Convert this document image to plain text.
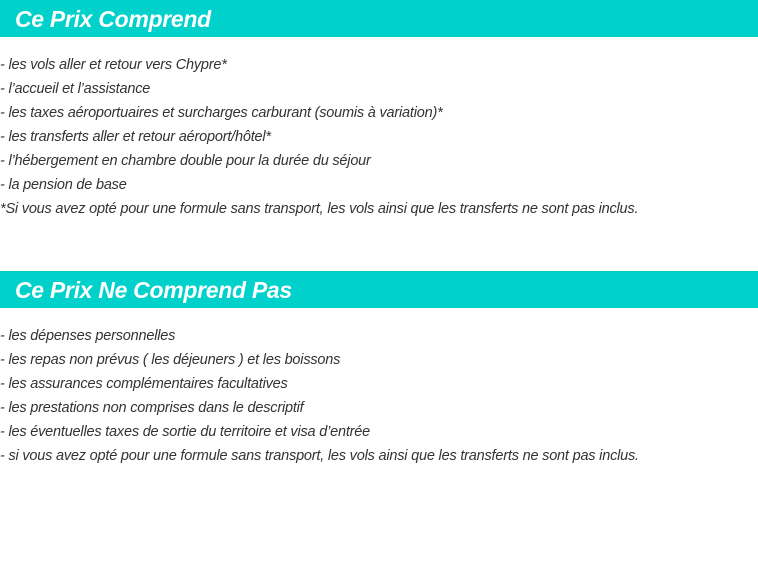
Ce Prix Comprend
- les vols aller et retour vers Chypre*
- l’accueil et l’assistance
- les taxes aéroportuaires et surcharges carburant (soumis à variation)*
- les transferts aller et retour aéroport/hôtel*
- l’hébergement en chambre double pour la durée du séjour
- la pension de base
*Si vous avez opté pour une formule sans transport, les vols ainsi que les transferts ne sont pas inclus.
Ce Prix Ne Comprend Pas
- les dépenses personnelles
- les repas non prévus ( les déjeuners ) et les boissons
- les assurances complémentaires facultatives
- les prestations non comprises dans le descriptif
- les éventuelles taxes de sortie du territoire et visa d’entrée
- si vous avez opté pour une formule sans transport, les vols ainsi que les transferts ne sont pas inclus.
